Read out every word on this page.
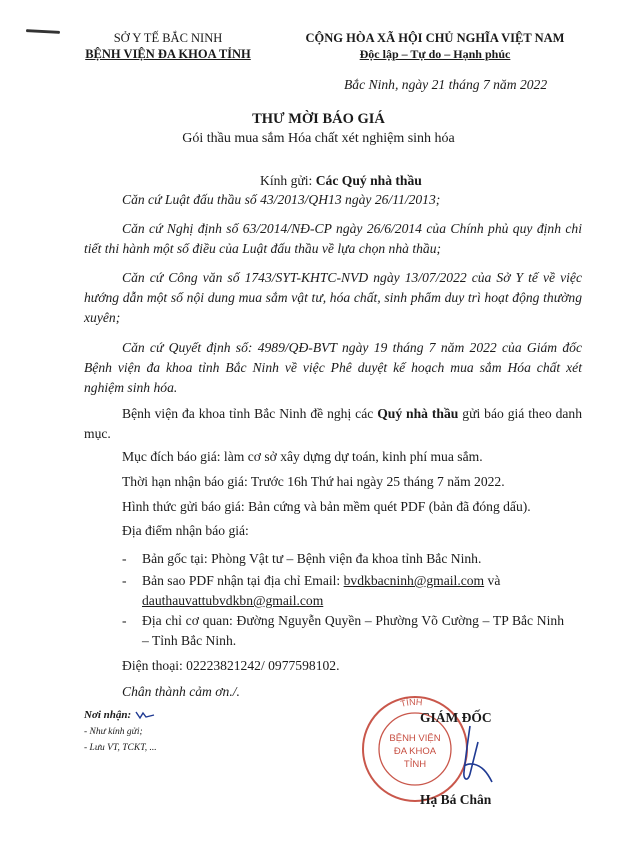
SỞ Y TẾ BẮC NINH
BỆNH VIỆN ĐA KHOA TỈNH
CỘNG HÒA XÃ HỘI CHỦ NGHĨA VIỆT NAM
Độc lập – Tự do – Hạnh phúc
Bắc Ninh, ngày 21 tháng 7 năm 2022
THƯ MỜI BÁO GIÁ
Gói thầu mua sắm Hóa chất xét nghiệm sinh hóa
Kính gửi: Các Quý nhà thầu
Căn cứ Luật đấu thầu số 43/2013/QH13 ngày 26/11/2013;
Căn cứ Nghị định số 63/2014/NĐ-CP ngày 26/6/2014 của Chính phủ quy định chi tiết thi hành một số điều của Luật đấu thầu về lựa chọn nhà thầu;
Căn cứ Công văn số 1743/SYT-KHTC-NVD ngày 13/07/2022 của Sở Y tế về việc hướng dẫn một số nội dung mua sắm vật tư, hóa chất, sinh phẩm duy trì hoạt động thường xuyên;
Căn cứ Quyết định số: 4989/QĐ-BVT ngày 19 tháng 7 năm 2022 của Giám đốc Bệnh viện đa khoa tỉnh Bắc Ninh về việc Phê duyệt kế hoạch mua sắm Hóa chất xét nghiệm sinh hóa.
Bệnh viện đa khoa tỉnh Bắc Ninh đề nghị các Quý nhà thầu gửi báo giá theo danh mục.
Mục đích báo giá: làm cơ sở xây dựng dự toán, kinh phí mua sắm.
Thời hạn nhận báo giá: Trước 16h Thứ hai ngày 25 tháng 7 năm 2022.
Hình thức gửi báo giá: Bản cứng và bản mềm quét PDF (bản đã đóng dấu).
Địa điểm nhận báo giá:
- Bản gốc tại: Phòng Vật tư – Bệnh viện đa khoa tỉnh Bắc Ninh.
- Bản sao PDF nhận tại địa chỉ Email: bvdkbacninh@gmail.com và
dauthauvattubvdkbn@gmail.com
- Địa chỉ cơ quan: Đường Nguyễn Quyền – Phường Võ Cường – TP Bắc Ninh – Tỉnh Bắc Ninh.
Điện thoại: 02223821242/ 0977598102.
Chân thành cảm ơn./.
Nơi nhận:
- Như kính gửi;
- Lưu VT, TCKT, ...
TỈNH
BỆNH VIỆN
ĐA KHOA
TỈNH
GIÁM ĐỐC
Hạ Bá Chân
